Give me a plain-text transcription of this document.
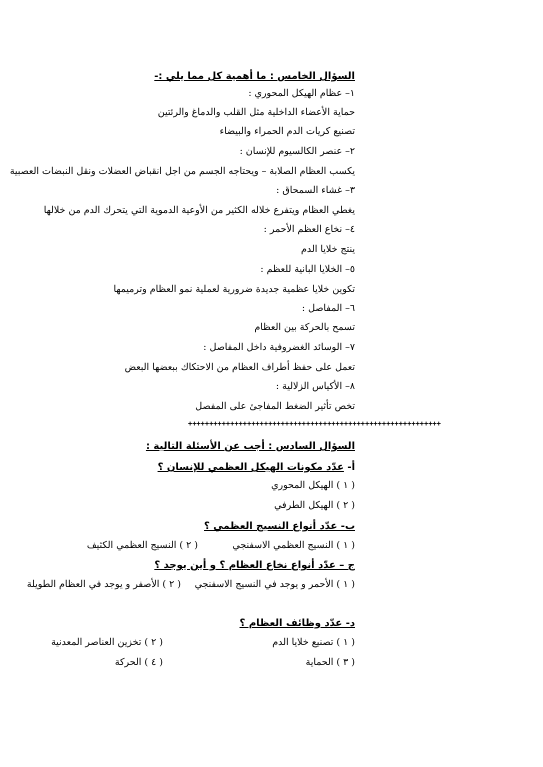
السؤال الخامس : ما أهمية كل مما يلي :-
١– عظام الهيكل المحوري :
حماية الأعضاء الداخلية مثل القلب والدماغ والرئتين
تصنيع كريات الدم الحمراء والبيضاء
٢– عنصر الكالسيوم للإنسان :
يكسب العظام الصلابة – ويحتاجه الجسم من اجل انقباض العضلات ونقل النبضات العصبية
٣– غشاء السمحاق :
يغطي العظام ويتفرع خلاله الكثير من الأوعية الدموية التي يتحرك الدم من خلالها
٤– نخاع العظم الأحمر :
ينتج خلايا الدم
٥– الخلايا البانية للعظم :
تكوين خلايا عظمية جديدة ضرورية لعملية نمو العظام وترميمها
٦– المفاصل :
تسمح بالحركة بين العظام
٧– الوسائد الغضروفية داخل المفاصل :
تعمل على حفظ أطراف العظام من الاحتكاك ببعضها البعض
٨– الأكياس الزلالية :
تخص تأثير الضغط المفاجئ على المفصل
++++++++++++++++++++++++++++++++++++++++++++++++++++++++++++
السؤال السادس : أجب عن الأسئلة التالية :
أ- عدّد مكونات الهيكل العظمي للإنسان ؟
( ١ ) الهيكل المحوري
( ٢ ) الهيكل الطرفي
ب- عدّد أنواع النسيج العظمي ؟
( ١ ) النسيج العظمي الاسفنجي
( ٢ ) النسيج العظمي الكثيف
ج – عدّد أنواع نخاع العظام ؟ و أين يوجد ؟
( ١ ) الأحمر و يوجد في النسيج الاسفنجي
( ٢ ) الأصفر و يوجد في العظام الطويلة
د- عدّد وظائف العظام ؟
( ١ ) تصنيع خلايا الدم
( ٢ ) تخزين العناصر المعدنية
( ٣ ) الحماية
( ٤ ) الحركة
